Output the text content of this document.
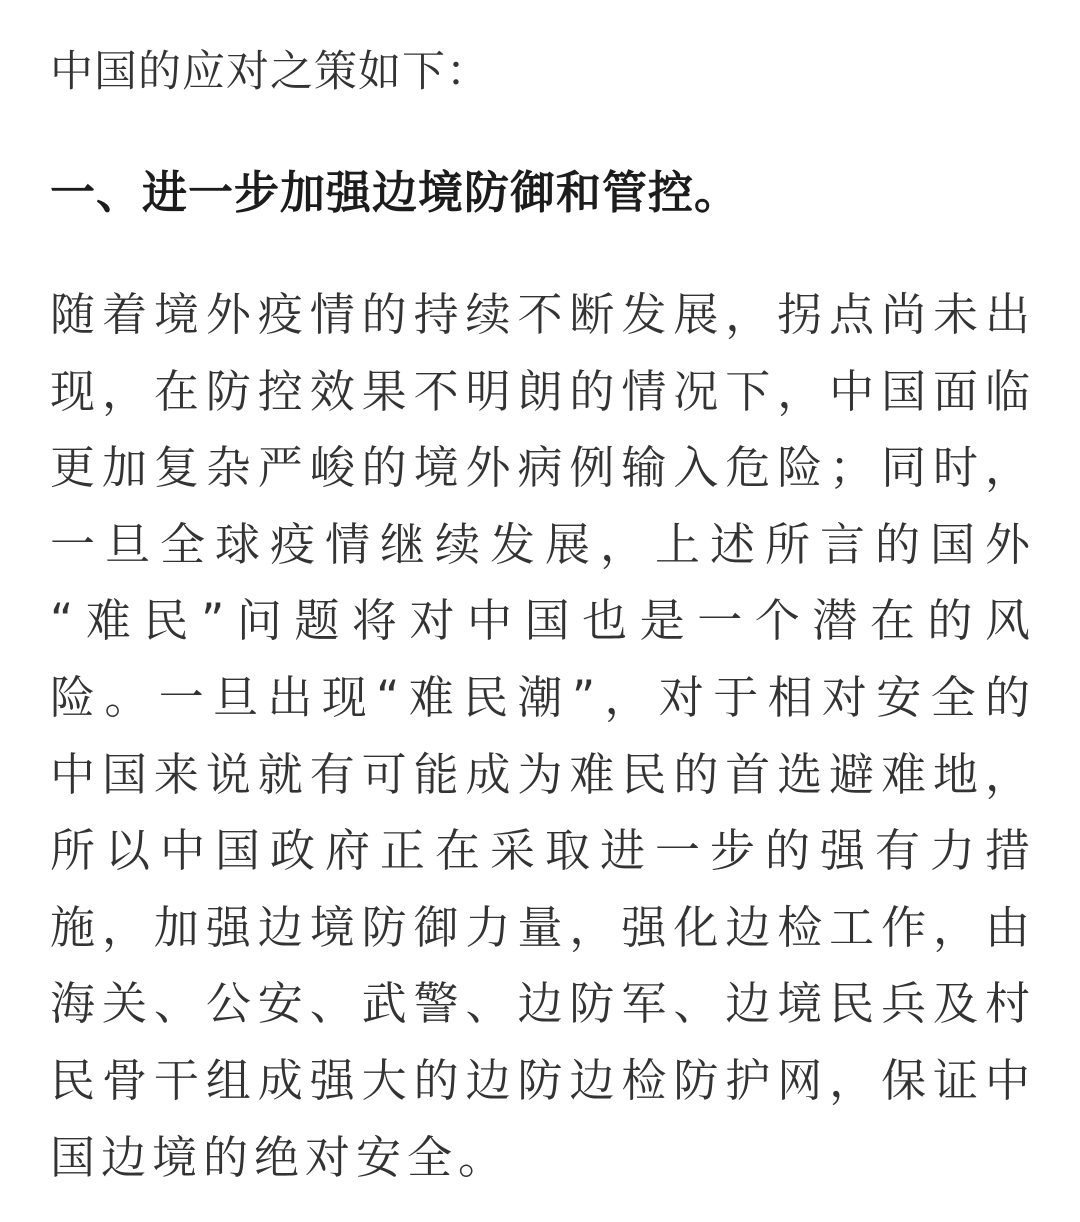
中国的应对之策如下：

一、进一步加强边境防御和管控。
随着境外疫情的持续不断发展，拐点尚未出
现，在防控效果不明朗的情况下，中国面临
更加复杂严峻的境外病例输入危险；同时，
一旦全球疫情继续发展，上述所言的国外
“难民”问题将对中国也是一个潜在的风
险。一旦出现“难民潮”，对于相对安全的
中国来说就有可能成为难民的首选避难地，
所以中国政府正在采取进一步的强有力措
施，加强边境防御力量，强化边检工作，由
海关、公安、武警、边防军、边境民兵及村
民骨干组成强大的边防边检防护网，保证中
国边境的绝对安全。
